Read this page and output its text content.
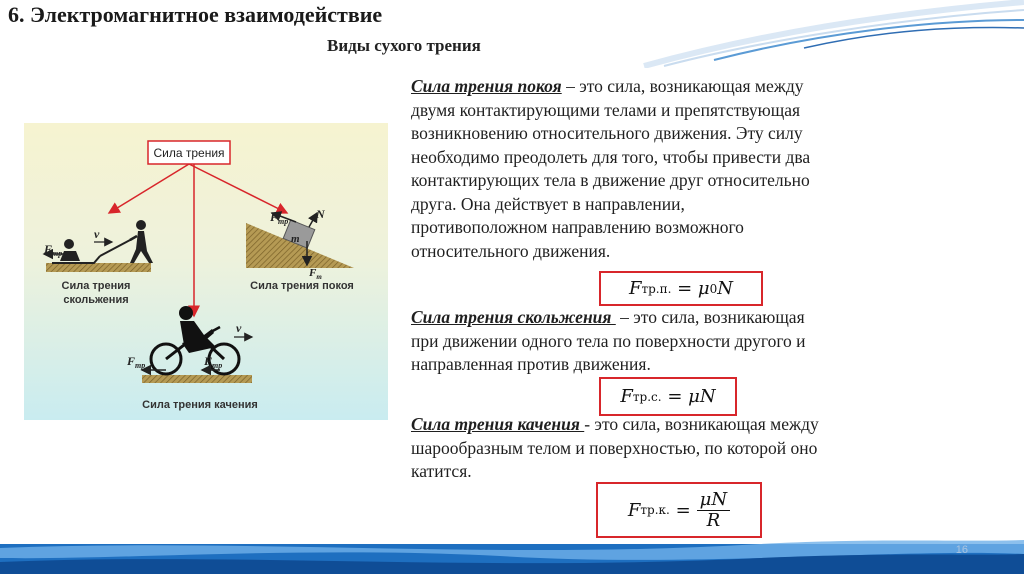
6. Электромагнитное взаимодействие
Виды сухого трения
Сила трения
$F_{тр}$
v
Сила трения
скольжения
$F_{тр}$
N
m
$F_т$
Сила трения покоя
$F_{тр}$	$F_{тр}$
v
Сила трения качения
Сила трения покоя – это сила, возникающая между
двумя контактирующими телами и препятствующая
возникновению относительного движения. Эту силу
необходимо преодолеть для того, чтобы привести два
контактирующих тела в движение друг относительно
друга. Она действует в направлении,
противоположном направлению возможного
относительного движения.
F тр.п. = μ 0 N
Сила трения скольжения  – это сила, возникающая
при движении одного тела по поверхности другого и
направленная против движения.
F тр.с. = μN
Сила трения качения - это сила, возникающая между
шарообразным телом и поверхностью, по которой оно
катится.
F тр.к. = $\frac{\mu N}{R}$
16
